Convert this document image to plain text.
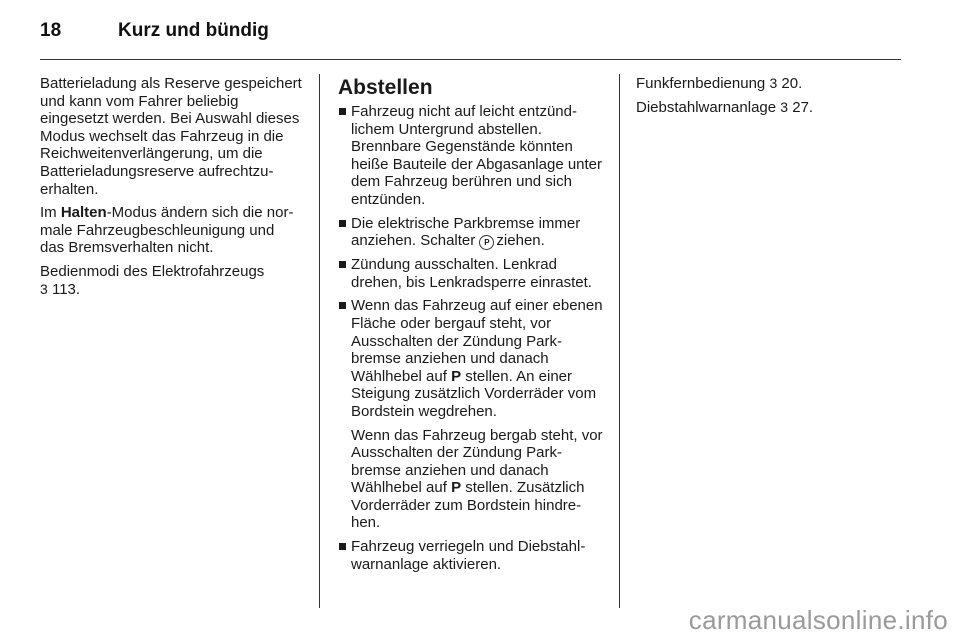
18	Kurz und bündig

Batterieladung als Reserve gespeichert und kann vom Fahrer beliebig eingesetzt werden. Bei Auswahl dieses Modus wechselt das Fahrzeug in die Reichweitenverlängerung, um die Batterieladungsreserve aufrechtzuerhalten.

Im Halten-Modus ändern sich die normale Fahrzeugbeschleunigung und das Bremsverhalten nicht.

Bedienmodi des Elektrofahrzeugs
3 113.

Abstellen

Fahrzeug nicht auf leicht entzündlichem Untergrund abstellen. Brennbare Gegenstände könnten heiße Bauteile der Abgasanlage unter dem Fahrzeug berühren und sich entzünden.

Die elektrische Parkbremse immer anziehen. Schalter P ziehen.

Zündung ausschalten. Lenkrad drehen, bis Lenkradsperre einrastet.

Wenn das Fahrzeug auf einer ebenen Fläche oder bergauf steht, vor Ausschalten der Zündung Parkbremse anziehen und danach Wählhebel auf P stellen. An einer Steigung zusätzlich Vorderräder vom Bordstein wegdrehen.

Wenn das Fahrzeug bergab steht, vor Ausschalten der Zündung Parkbremse anziehen und danach Wählhebel auf P stellen. Zusätzlich Vorderräder zum Bordstein hindrehen.

Fahrzeug verriegeln und Diebstahlwarnanlage aktivieren.

Funkfernbedienung 3 20.

Diebstahlwarnanlage 3 27.

carmanualsonline.info
